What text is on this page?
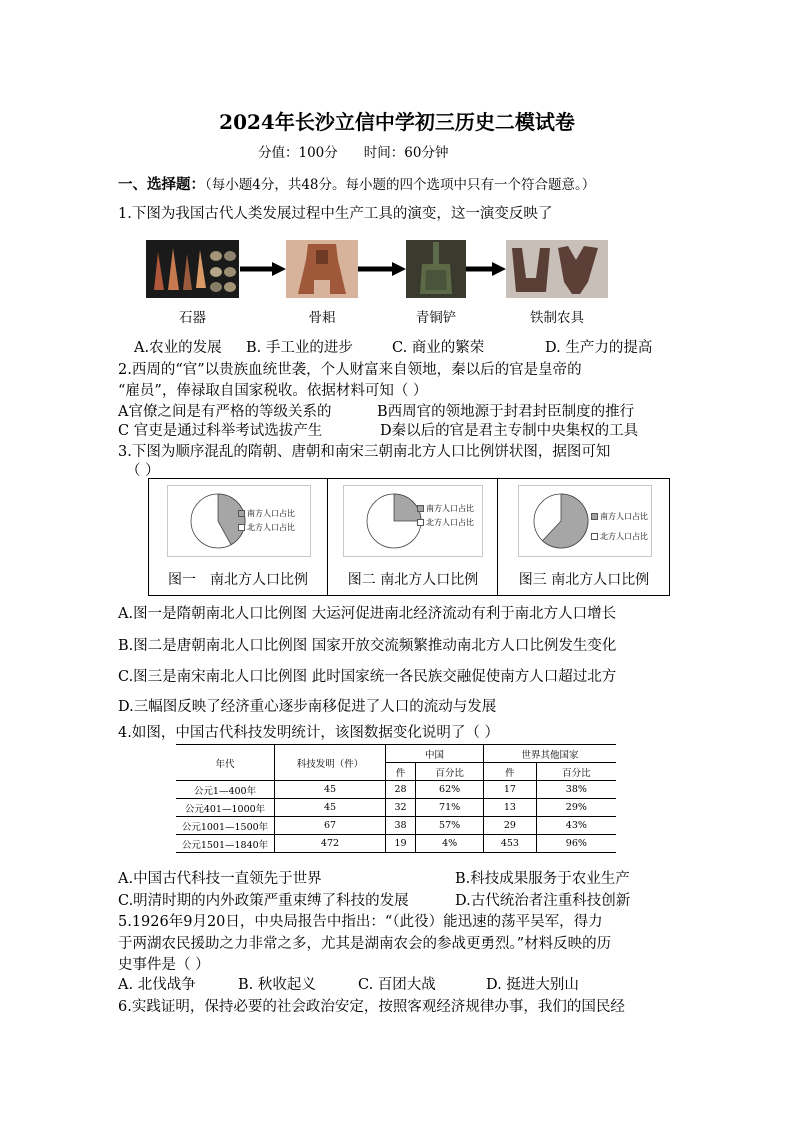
2024年长沙立信中学初三历史二模试卷
分值：100分 时间：60分钟
一、选择题：（每小题4分，共48分。每小题的四个选项中只有一个符合题意。）
1.下图为我国古代人类发展过程中生产工具的演变，这一演变反映了
石器	骨耜	青铜铲	铁制农具
A.农业的发展 B. 手工业的进步	C. 商业的繁荣	D. 生产力的提高
2.西周的“官”以贵族血统世袭，个人财富来自领地，秦以后的官是皇帝的
“雇员”，俸禄取自国家税收。依据材料可知（ ）
A官僚之间是有严格的等级关系的	B西周官的领地源于封君封臣制度的推行
C 官吏是通过科举考试选拔产生	D秦以后的官是君主专制中央集权的工具
3.下图为顺序混乱的隋朝、唐朝和南宋三朝南北方人口比例饼状图，据图可知
（ ）
南方人口占比
北方人口占比
图一　南北方人口比例
南方人口占比
北方人口占比
图二 南北方人口比例
南方人口占比
北方人口占比
图三 南北方人口比例
A.图一是隋朝南北人口比例图 大运河促进南北经济流动有利于南北方人口增长
B.图二是唐朝南北人口比例图 国家开放交流频繁推动南北方人口比例发生变化
C.图三是南宋南北人口比例图 此时国家统一各民族交融促使南方人口超过北方
D.三幅图反映了经济重心逐步南移促进了人口的流动与发展
4.如图，中国古代科技发明统计，该图数据变化说明了（ ）
年代	科技发明（件）	中国		世界其他国家	
		件	百分比	件	百分比
公元1—400年	45	28	62%	17	38%
公元401—1000年	45	32	71%	13	29%
公元1001—1500年	67	38	57%	29	43%
公元1501—1840年	472	19	4%	453	96%
A.中国古代科技一直领先于世界	B.科技成果服务于农业生产
C.明清时期的内外政策严重束缚了科技的发展	D.古代统治者注重科技创新
5.1926年9月20日，中央局报告中指出：“（此役）能迅速的荡平吴军，得力
于两湖农民援助之力非常之多，尤其是湖南农会的参战更勇烈。”材料反映的历
史事件是（ ）
A. 北伐战争	B. 秋收起义	C. 百团大战	D. 挺进大别山
6.实践证明，保持必要的社会政治安定，按照客观经济规律办事，我们的国民经
